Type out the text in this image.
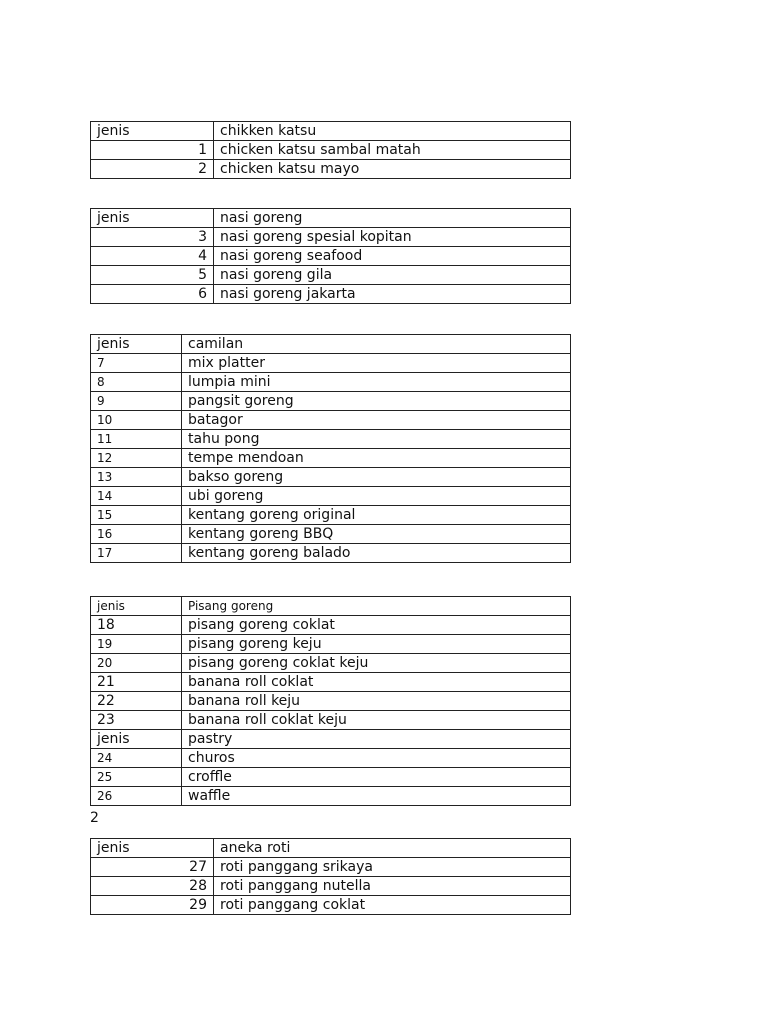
jenis	chikken katsu
1	chicken katsu sambal matah
2	chicken katsu mayo
jenis	nasi goreng
3	nasi goreng spesial kopitan
4	nasi goreng seafood
5	nasi goreng gila
6	nasi goreng jakarta
jenis	camilan
7	mix platter
8	lumpia mini
9	pangsit goreng
10	batagor
11	tahu pong
12	tempe mendoan
13	bakso goreng
14	ubi goreng
15	kentang goreng original
16	kentang goreng BBQ
17	kentang goreng balado
jenis	Pisang goreng
18	pisang goreng coklat
19	pisang goreng keju
20	pisang goreng coklat keju
21	banana roll coklat
22	banana roll keju
23	banana roll coklat keju
jenis	pastry
24	churos
25	croffle
26	waffle
2
jenis	aneka roti
27	roti panggang srikaya
28	roti panggang nutella
29	roti panggang coklat
